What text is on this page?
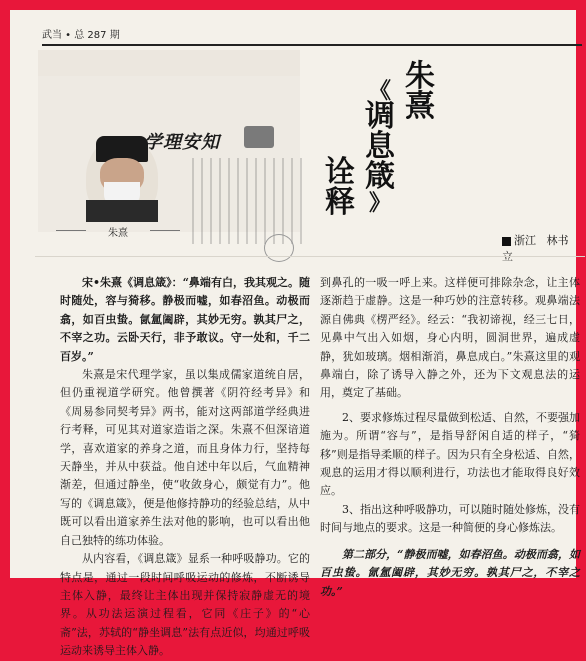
武当 • 总 287 期
学理安知
朱熹
朱
熹
《
调
息
箴
》
诠
释
浙江 林书立

宋•朱熹《调息箴》：“鼻端有白，我其观之。随时随处，容与猗移。静极而嘘，如春沼鱼。动极而翕，如百虫蛰。氤氲阖辟，其妙无穷。孰其尸之，不宰之功。云卧天行，非予敢议。守一处和，千二百岁。”

朱熹是宋代理学家，虽以集成儒家道统自居，但仍重视道学研究。他曾撰著《阴符经考异》和《周易参同契考异》两书，能对这两部道学经典进行考释，可见其对道家造诣之深。朱熹不但深谙道学，喜欢道家的养身之道，而且身体力行，坚持每天静坐，并从中获益。他自述中年以后，气血精神渐差，但通过静坐，使“收敛身心，颇觉有力”。他写的《调息箴》，便是他修持静功的经验总结，从中既可以看出道家养生法对他的影响，也可以看出他自己独特的练功体验。

从内容看，《调息箴》显系一种呼吸静功。它的特点是，通过一段时间呼吸运动的修炼，不断诱导主体入静，最终让主体出现并保持寂静虚无的境界。从功法运演过程看，它同《庄子》的“心斋”法，苏轼的“静坐调息”法有点近似，均通过呼吸运动来诱导主体入静。

到鼻孔的一吸一呼上来。这样便可排除杂念，让主体逐渐趋于虚静。这是一种巧妙的注意转移。观鼻端法源自佛典《楞严经》。经云：“我初谛视，经三七日，见鼻中气出入如烟，身心内明，圆洞世界，遍成虚静，犹如玻璃。烟相渐消，鼻息成白。”朱熹这里的观鼻端白，除了诱导入静之外，还为下文观息法的运用，奠定了基础。

2、要求修炼过程尽量做到松适、自然，不要强加施为。所谓“容与”，是指导舒闲自适的样子，“猗移”则是指导柔顺的样子。因为只有全身松适、自然，观息的运用才得以顺利进行，功法也才能取得良好效应。

3、指出这种呼吸静功，可以随时随处修炼，没有时间与地点的要求。这是一种简便的身心修炼法。

第二部分，“静极而嘘，如春沼鱼。动极而翕，如百虫蛰。氤氲阖辟，其妙无穷。孰其尸之，不宰之功。”
